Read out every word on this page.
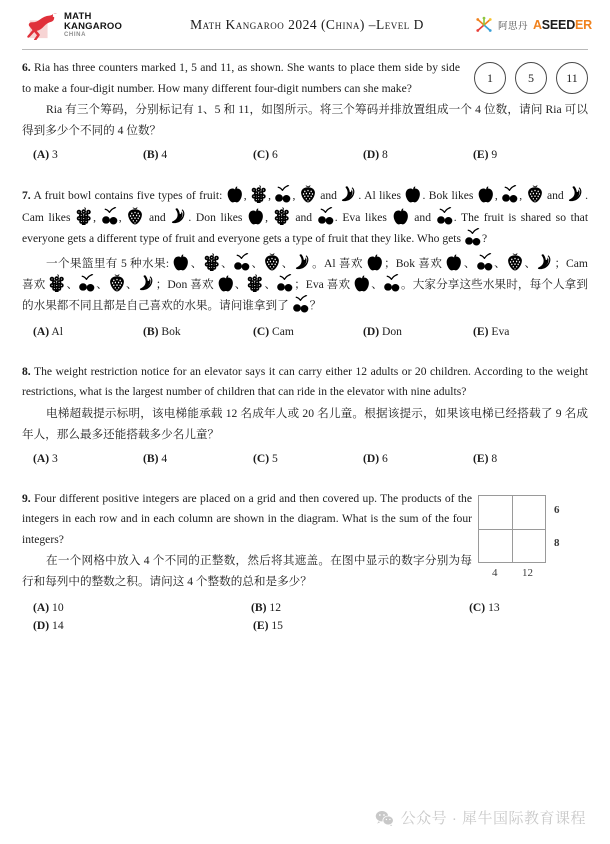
MATH
KANGAROO
CHINA
Math Kangaroo 2024 (China) –Level D	阿思丹 ASEEDER
1	5	11
6. Ria has three counters marked 1, 5 and 11, as shown. She wants to place them side by side to make a four-digit number. How many different four-digit numbers can she make?
Ria 有三个筹码，分别标记有 1、5 和 11，如图所示。将三个筹码并排放置组成一个 4 位数，请问 Ria 可以得到多少个不同的 4 位数？
(A) 3	(B) 4	(C) 6	(D) 8	(E) 9
7. A fruit bowl contains five types of fruit: ,
,
,
and . Al likes . Bok likes ,
,
and . Cam likes ,
,
and . Don likes ,
and . Eva likes and . The fruit is shared so that everyone gets a different type of fruit and everyone gets a type of fruit that they like. Who gets ?
一个果篮里有 5 种水果: 、 、 、 、 。Al 喜欢 ；Bok 喜欢 、 、 、 ；Cam 喜欢 、 、 、 ；Don 喜欢 、 、 ；Eva 喜欢 、 。大家分享这些水果时，每个人拿到的水果都不同且都是自己喜欢的水果。请问谁拿到了 ？
(A) Al	(B) Bok	(C) Cam	(D) Don	(E) Eva
8. The weight restriction notice for an elevator says it can carry either 12 adults or 20 children. According to the weight restrictions, what is the largest number of children that can ride in the elevator with nine adults?
电梯超载提示标明，该电梯能承载 12 名成年人或 20 名儿童。根据该提示，如果该电梯已经搭载了 9 名成年人，那么最多还能搭载多少名儿童？
(A) 3	(B) 4	(C) 5	(D) 6	(E) 8
6
8
4 12
9. Four different positive integers are placed on a grid and then covered up. The products of the integers in each row and in each column are shown in the diagram. What is the sum of the four integers?
在一个网格中放入 4 个不同的正整数，然后将其遮盖。在图中显示的数字分别为每行和每列中的整数之积。请问这 4 个整数的总和是多少？
(A) 10	(B) 12	(C) 13
(D) 14	(E) 15
公众号 · 犀牛国际教育课程
